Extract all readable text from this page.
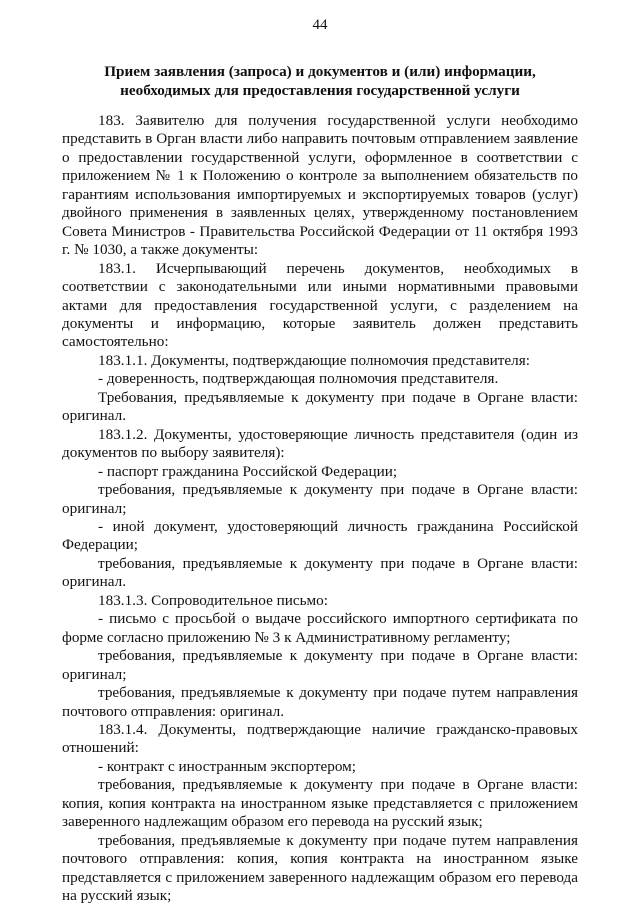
44
Прием заявления (запроса) и документов и (или) информации,
необходимых для предоставления государственной услуги

183. Заявителю для получения государственной услуги необходимо представить в Орган власти либо направить почтовым отправлением заявление о предоставлении государственной услуги, оформленное в соответствии с приложением № 1 к Положению о контроле за выполнением обязательств по гарантиям использования импортируемых и экспортируемых товаров (услуг) двойного применения в заявленных целях, утвержденному постановлением Совета Министров - Правительства Российской Федерации от 11 октября 1993 г. № 1030, а также документы:

183.1. Исчерпывающий перечень документов, необходимых в соответствии с законодательными или иными нормативными правовыми актами для предоставления государственной услуги, с разделением на документы и информацию, которые заявитель должен представить самостоятельно:

183.1.1. Документы, подтверждающие полномочия представителя:

- доверенность, подтверждающая полномочия представителя.

Требования, предъявляемые к документу при подаче в Органе власти: оригинал.

183.1.2. Документы, удостоверяющие личность представителя (один из документов по выбору заявителя):

- паспорт гражданина Российской Федерации;

требования, предъявляемые к документу при подаче в Органе власти: оригинал;

- иной документ, удостоверяющий личность гражданина Российской Федерации;

требования, предъявляемые к документу при подаче в Органе власти: оригинал.

183.1.3. Сопроводительное письмо:

- письмо с просьбой о выдаче российского импортного сертификата по форме согласно приложению № 3 к Административному регламенту;

требования, предъявляемые к документу при подаче в Органе власти: оригинал;

требования, предъявляемые к документу при подаче путем направления почтового отправления: оригинал.

183.1.4. Документы, подтверждающие наличие гражданско-правовых отношений:

- контракт с иностранным экспортером;

требования, предъявляемые к документу при подаче в Органе власти: копия, копия контракта на иностранном языке представляется с приложением заверенного надлежащим образом его перевода на русский язык;

требования, предъявляемые к документу при подаче путем направления почтового отправления: копия, копия контракта на иностранном языке представляется с приложением заверенного надлежащим образом его перевода на русский язык;
